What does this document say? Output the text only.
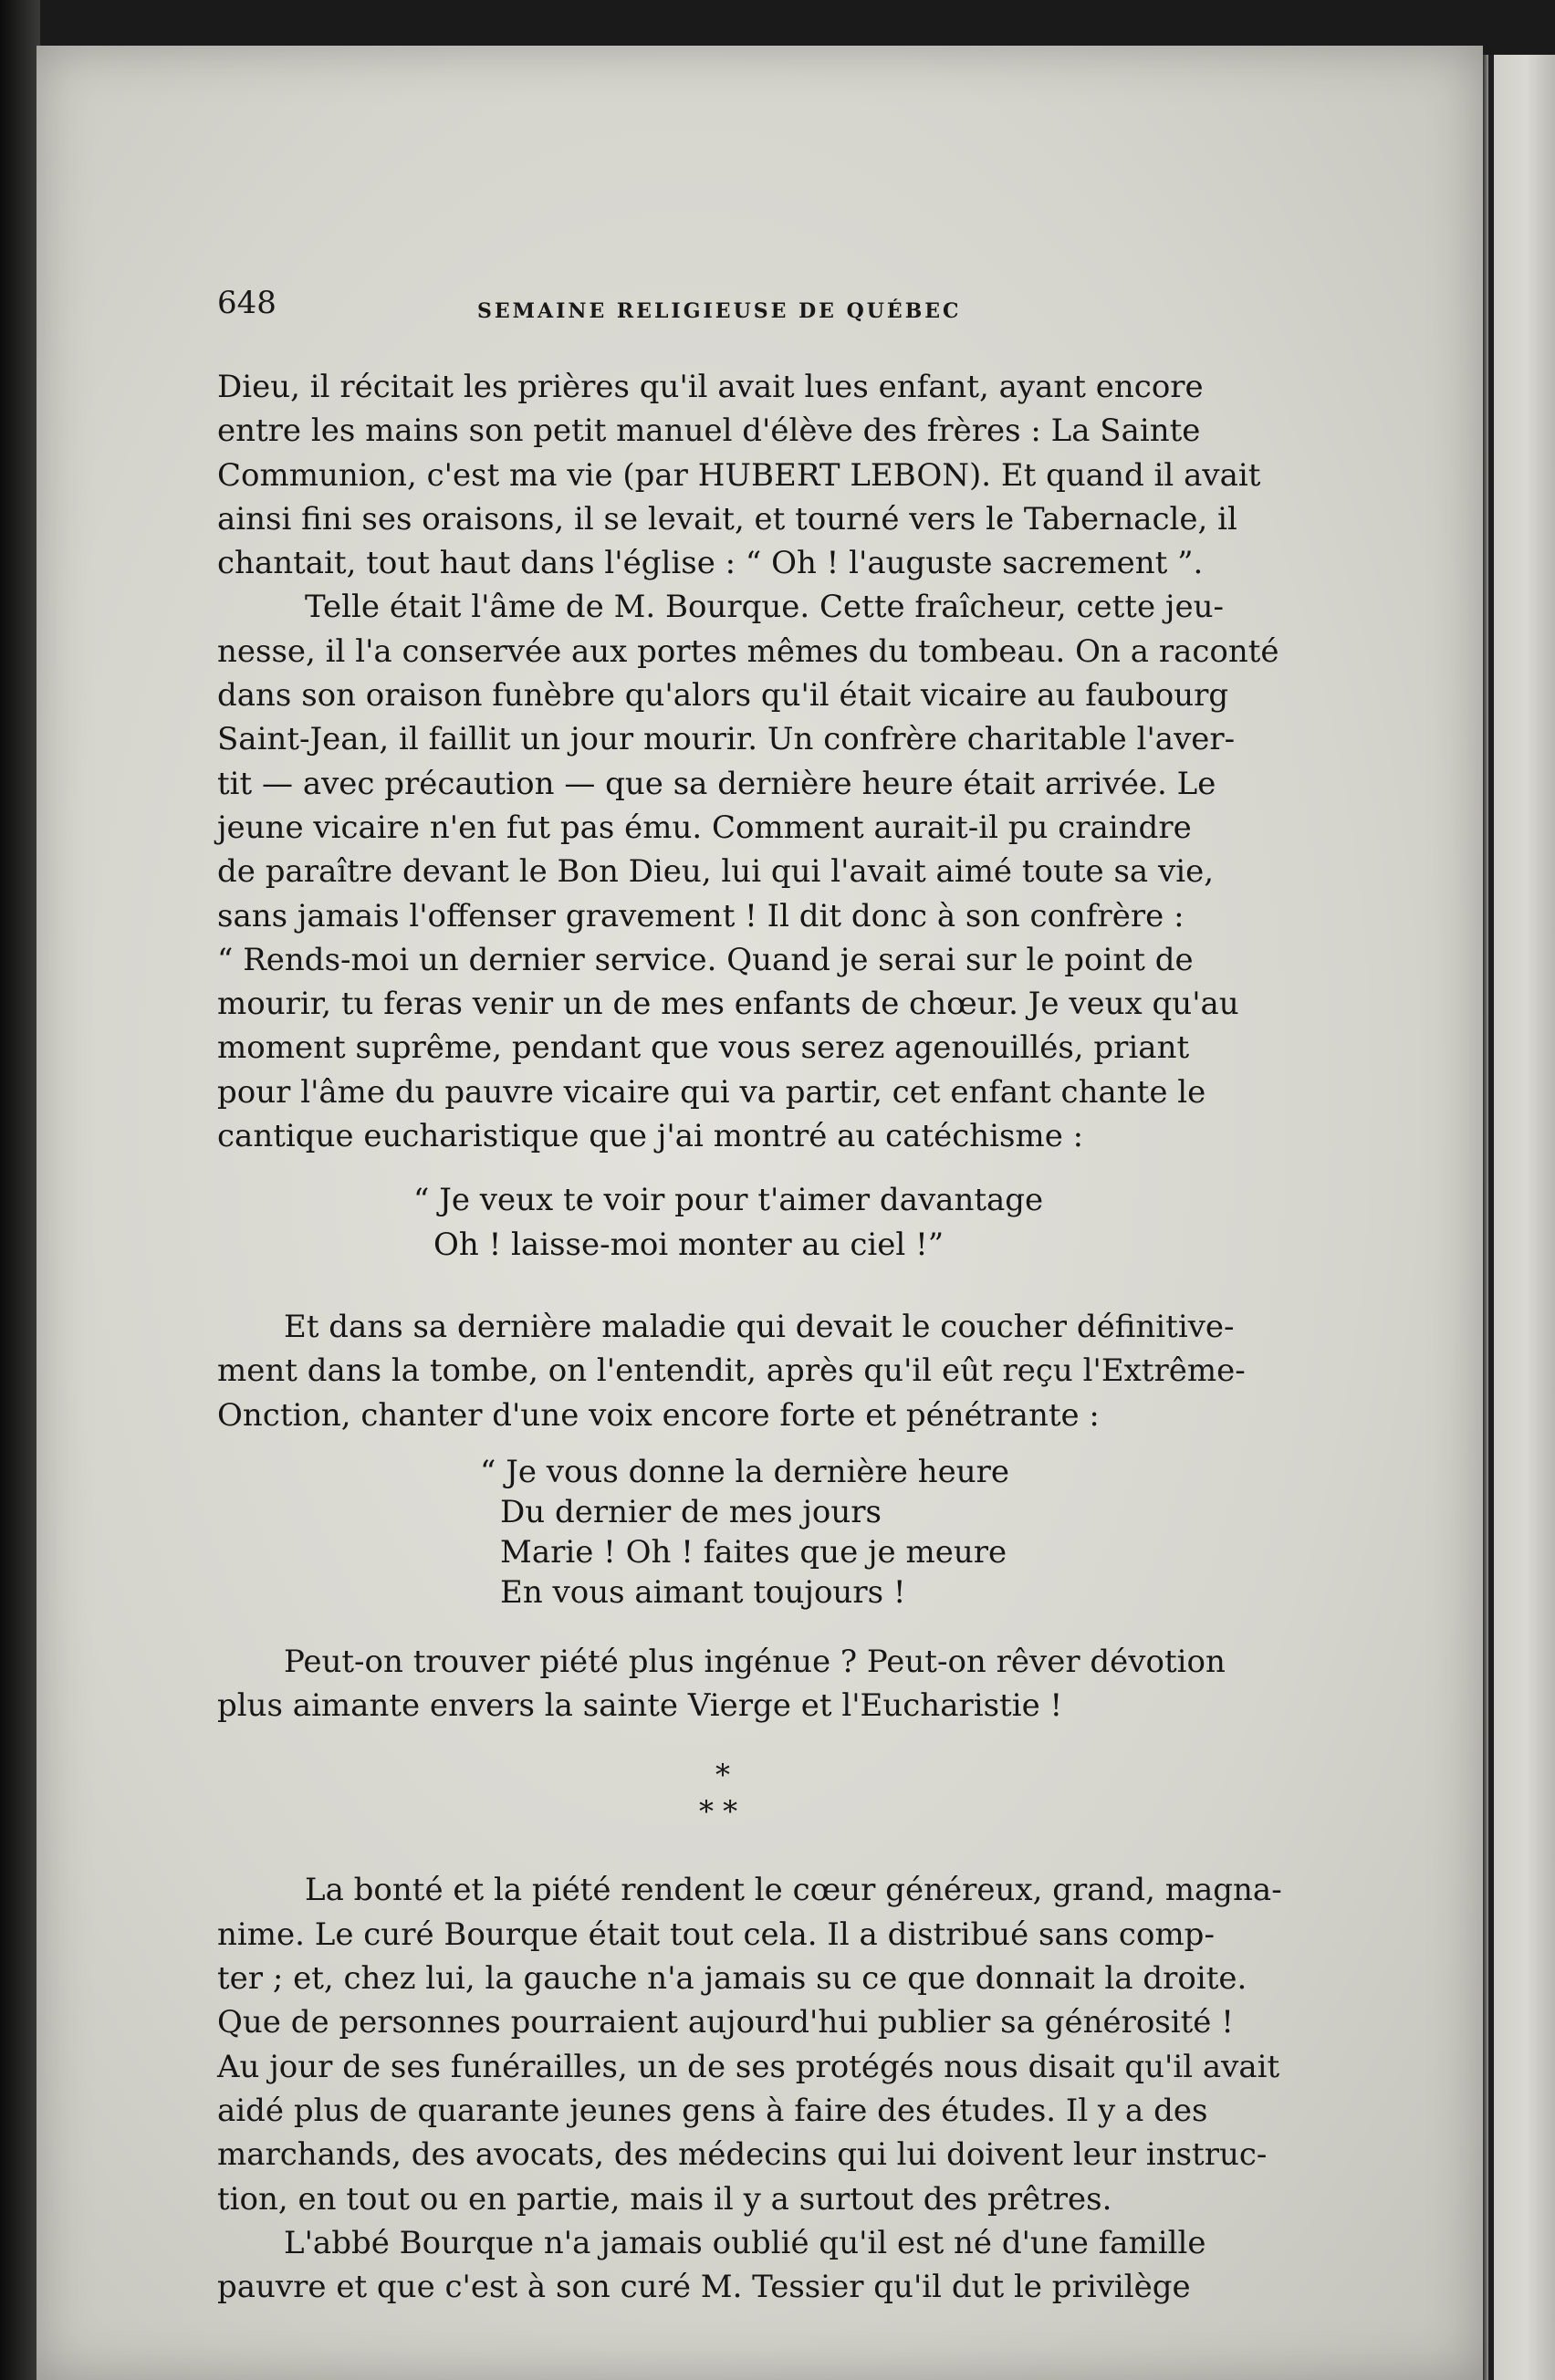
648	SEMAINE RELIGIEUSE DE QUÉBEC
Dieu, il récitait les prières qu'il avait lues enfant, ayant encore
entre les mains son petit manuel d'élève des frères : La Sainte
Communion, c'est ma vie (par HUBERT LEBON). Et quand il avait
ainsi fini ses oraisons, il se levait, et tourné vers le Tabernacle, il
chantait, tout haut dans l'église : “ Oh ! l'auguste sacrement ”.
Telle était l'âme de M. Bourque. Cette fraîcheur, cette jeu-
nesse, il l'a conservée aux portes mêmes du tombeau. On a raconté
dans son oraison funèbre qu'alors qu'il était vicaire au faubourg
Saint-Jean, il faillit un jour mourir. Un confrère charitable l'aver-
tit — avec précaution — que sa dernière heure était arrivée. Le
jeune vicaire n'en fut pas ému. Comment aurait-il pu craindre
de paraître devant le Bon Dieu, lui qui l'avait aimé toute sa vie,
sans jamais l'offenser gravement ! Il dit donc à son confrère :
“ Rends-moi un dernier service. Quand je serai sur le point de
mourir, tu feras venir un de mes enfants de chœur. Je veux qu'au
moment suprême, pendant que vous serez agenouillés, priant
pour l'âme du pauvre vicaire qui va partir, cet enfant chante le
cantique eucharistique que j'ai montré au catéchisme :
“ Je veux te voir pour t'aimer davantage
Oh ! laisse-moi monter au ciel !”
Et dans sa dernière maladie qui devait le coucher définitive-
ment dans la tombe, on l'entendit, après qu'il eût reçu l'Extrême-
Onction, chanter d'une voix encore forte et pénétrante :
“ Je vous donne la dernière heure
Du dernier de mes jours
Marie ! Oh ! faites que je meure
En vous aimant toujours !
Peut-on trouver piété plus ingénue ? Peut-on rêver dévotion
plus aimante envers la sainte Vierge et l'Eucharistie !
*
* *
La bonté et la piété rendent le cœur généreux, grand, magna-
nime. Le curé Bourque était tout cela. Il a distribué sans comp-
ter ; et, chez lui, la gauche n'a jamais su ce que donnait la droite.
Que de personnes pourraient aujourd'hui publier sa générosité !
Au jour de ses funérailles, un de ses protégés nous disait qu'il avait
aidé plus de quarante jeunes gens à faire des études. Il y a des
marchands, des avocats, des médecins qui lui doivent leur instruc-
tion, en tout ou en partie, mais il y a surtout des prêtres.
L'abbé Bourque n'a jamais oublié qu'il est né d'une famille
pauvre et que c'est à son curé M. Tessier qu'il dut le privilège
